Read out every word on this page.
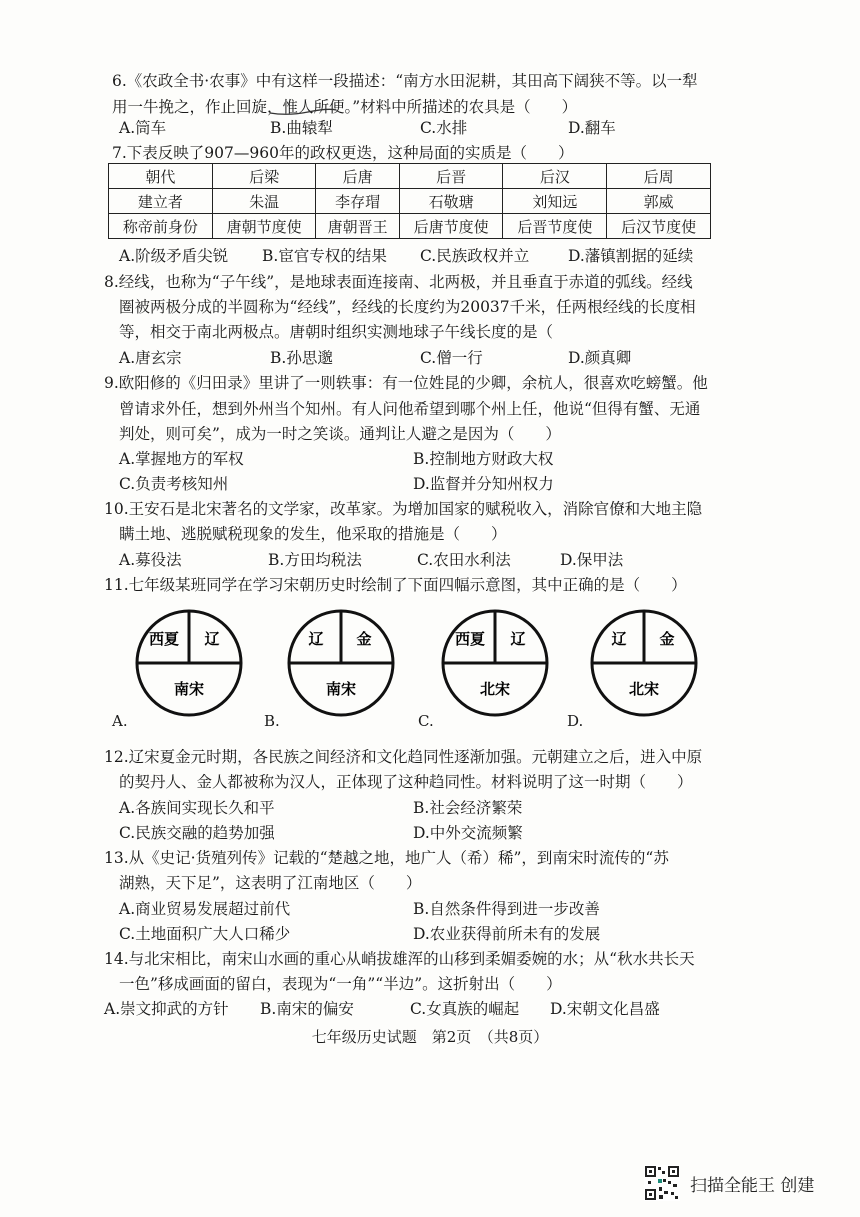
6.《农政全书·农事》中有这样一段描述：“南方水田泥耕，其田高下阔狭不等。以一犁
用一牛挽之，作止回旋，惟人所便。”材料中所描述的农具是（　　）
A.筒车	B.曲辕犁	C.水排	D.翻车
7.下表反映了907—960年的政权更迭，这种局面的实质是（　　）
朝代	后梁	后唐	后晋	后汉	后周
建立者	朱温	李存瑁	石敬瑭	刘知远	郭威
称帝前身份	唐朝节度使	唐朝晋王	后唐节度使	后晋节度使	后汉节度使
A.阶级矛盾尖锐 B.宦官专权的结果 C.民族政权并立	D.藩镇割据的延续
8.经线，也称为“子午线”，是地球表面连接南、北两极，并且垂直于赤道的弧线。经线
圈被两极分成的半圆称为“经线”，经线的长度约为20037千米，任两根经线的长度相
等，相交于南北两极点。唐朝时组织实测地球子午线长度的是（
A.唐玄宗	B.孙思邈	C.僧一行	D.颜真卿
9.欧阳修的《归田录》里讲了一则轶事：有一位姓昆的少卿，余杭人，很喜欢吃螃蟹。他
曾请求外任，想到外州当个知州。有人问他希望到哪个州上任，他说“但得有蟹、无通
判处，则可矣”，成为一时之笑谈。通判让人避之是因为（　　）
A.掌握地方的军权	B.控制地方财政大权
C.负责考核知州	D.监督并分知州权力
10.王安石是北宋著名的文学家，改革家。为增加国家的赋税收入，消除官僚和大地主隐
瞒土地、逃脱赋税现象的发生，他采取的措施是（　　）
A.募役法	B.方田均税法	C.农田水利法	D.保甲法
11.七年级某班同学在学习宋朝历史时绘制了下面四幅示意图，其中正确的是（　　）
西夏 辽
南宋
A.
辽 金
南宋
B.
西夏 辽
北宋
C.
辽 金
北宋
D.
12.辽宋夏金元时期，各民族之间经济和文化趋同性逐渐加强。元朝建立之后，进入中原
的契丹人、金人都被称为汉人，正体现了这种趋同性。材料说明了这一时期（　　）
A.各族间实现长久和平	B.社会经济繁荣
C.民族交融的趋势加强	D.中外交流频繁
13.从《史记·货殖列传》记载的“楚越之地，地广人（希）稀”，到南宋时流传的“苏
湖熟，天下足”，这表明了江南地区（　　）
A.商业贸易发展超过前代	B.自然条件得到进一步改善
C.土地面积广大人口稀少	D.农业获得前所未有的发展
14.与北宋相比，南宋山水画的重心从峭拔雄浑的山移到柔媚委婉的水；从“秋水共长天
一色”移成画面的留白，表现为“一角”“半边”。这折射出（　　）
A.崇文抑武的方针 B.南宋的偏安	C.女真族的崛起 D.宋朝文化昌盛
七年级历史试题　第2页　（共8页）
扫描全能王 创建
